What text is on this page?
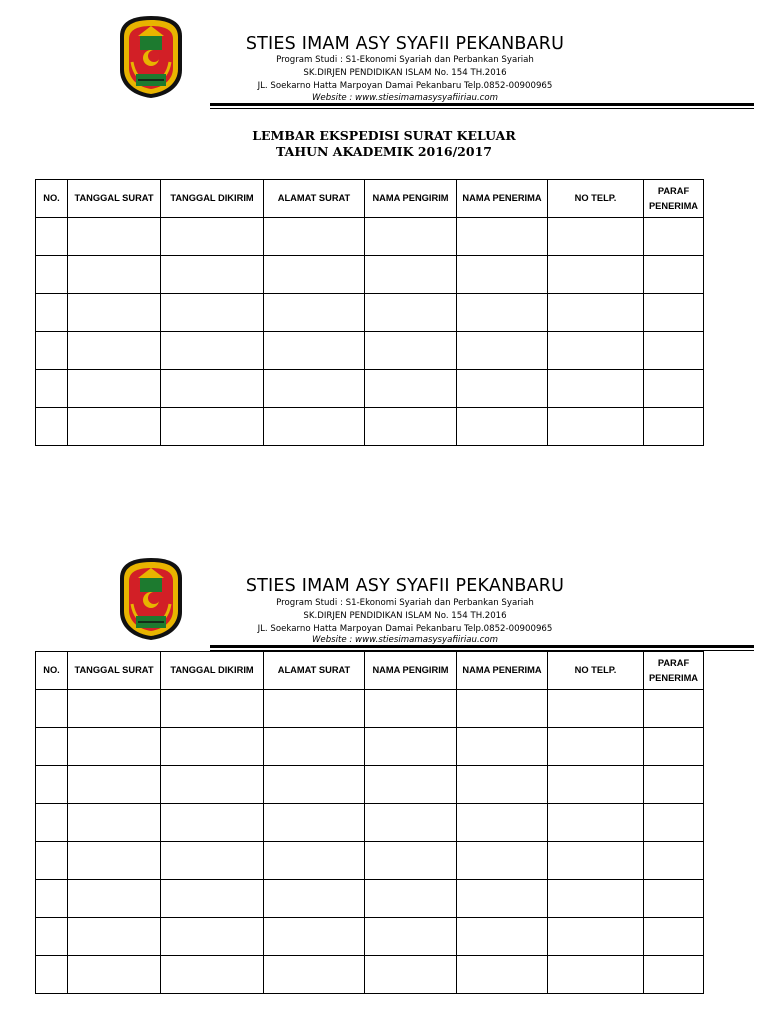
STIES IMAM ASY SYAFII PEKANBARU
Program Studi : S1-Ekonomi Syariah dan Perbankan Syariah
SK.DIRJEN PENDIDIKAN ISLAM No. 154 TH.2016
JL. Soekarno Hatta Marpoyan Damai Pekanbaru Telp.0852-00900965
Website : www.stiesimamasysyafiiriau.com
LEMBAR EKSPEDISI SURAT KELUAR
TAHUN AKADEMIK 2016/2017
NO.	TANGGAL SURAT	TANGGAL DIKIRIM	ALAMAT SURAT	NAMA PENGIRIM	NAMA PENERIMA	NO TELP.	PARAF PENERIMA

STIES IMAM ASY SYAFII PEKANBARU
Program Studi : S1-Ekonomi Syariah dan Perbankan Syariah
SK.DIRJEN PENDIDIKAN ISLAM No. 154 TH.2016
JL. Soekarno Hatta Marpoyan Damai Pekanbaru Telp.0852-00900965
Website : www.stiesimamasysyafiiriau.com
NO.	TANGGAL SURAT	TANGGAL DIKIRIM	ALAMAT SURAT	NAMA PENGIRIM	NAMA PENERIMA	NO TELP.	PARAF PENERIMA
